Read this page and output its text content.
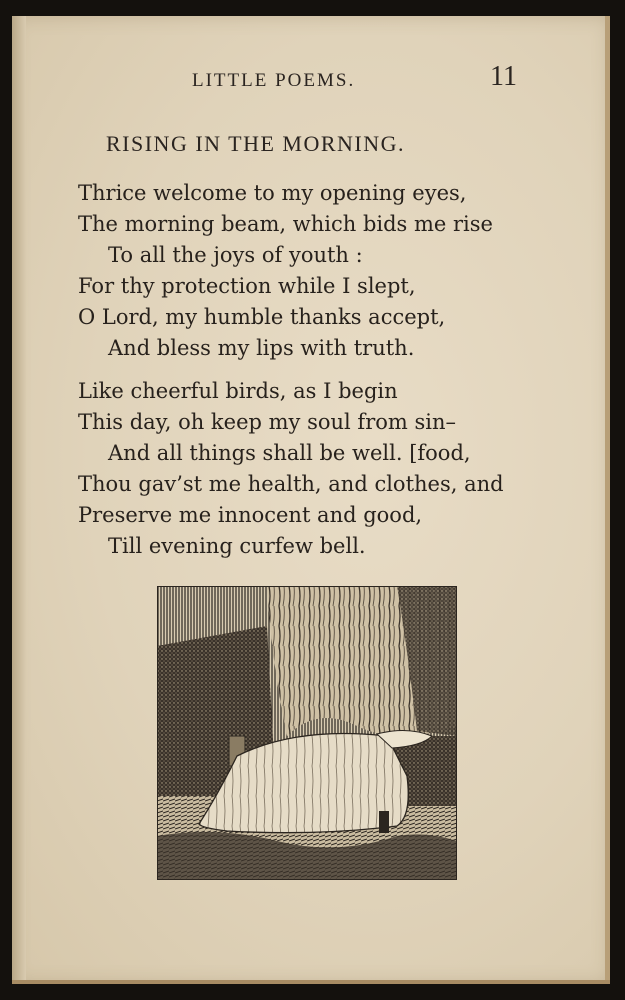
LITTLE POEMS.	11
RISING IN THE MORNING.
Thrice welcome to my opening eyes,
The morning beam, which bids me rise
To all the joys of youth :
For thy protection while I slept,
O Lord, my humble thanks accept,
And bless my lips with truth.
Like cheerful birds, as I begin
This day, oh keep my soul from sin–
And all things shall be well. [food,
Thou gav’st me health, and clothes, and
Preserve me innocent and good,
Till evening curfew bell.
